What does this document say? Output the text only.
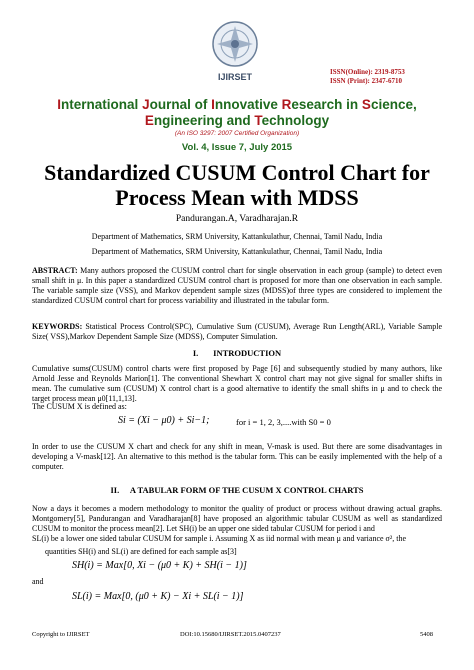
IJIRSET	ISSN(Online): 2319-8753
ISSN (Print): 2347-6710
International Journal of Innovative Research in Science,
Engineering and Technology
(An ISO 3297: 2007 Certified Organization)
Vol. 4, Issue 7, July 2015
Standardized CUSUM Control Chart for
Process Mean with MDSS
Pandurangan.A, Varadharajan.R
Department of Mathematics, SRM University, Kattankulathur, Chennai, Tamil Nadu, India
Department of Mathematics, SRM University, Kattankulathur, Chennai, Tamil Nadu, India
ABSTRACT: Many authors proposed the CUSUM control chart for single observation in each group (sample) to detect even small shift in μ. In this paper a standardized CUSUM control chart is proposed for more than one observation in each sample. The variable sample size (VSS), and Markov dependent sample sizes (MDSS)of three types are considered to implement the standardized CUSUM control chart for process variability and illustrated in the tabular form.
KEYWORDS: Statistical Process Control(SPC), Cumulative Sum (CUSUM), Average Run Length(ARL), Variable Sample Size( VSS),Markov Dependent Sample Size (MDSS), Computer Simulation.
I. INTRODUCTION
Cumulative sums(CUSUM) control charts were first proposed by Page [6] and subsequently studied by many authors, like Arnold Jesse and Reynolds Marion[1]. The conventional Shewhart X control chart may not give signal for smaller shifts in mean. The cumulative sum (CUSUM) X control chart is a good alternative to identify the small shifts in μ and to check the target process mean μ0[11,1,13].
The CUSUM X is defined as:
Si = (Xi − μ0) + Si−1;	for i = 1, 2, 3,....with S0 = 0
In order to use the CUSUM X chart and check for any shift in mean, V-mask is used. But there are some disadvantages in developing a V-mask[12]. An alternative to this method is the tabular form. This can be easily implemented with the help of a computer.
II. A TABULAR FORM OF THE CUSUM X CONTROL CHARTS
Now a days it becomes a modern methodology to monitor the quality of product or process without drawing actual graphs. Montgomery[5], Pandurangan and Varadharajan[8] have proposed an algorithmic tabular CUSUM as well as standardized CUSUM to monitor the process mean[2]. Let SH(i) be an upper one sided tabular CUSUM for period i and
SL(i) be a lower one sided tabular CUSUM for sample i. Assuming X as iid normal with mean μ and variance σ², the
quantities SH(i) and SL(i) are defined for each sample as[3]
SH(i) = Max[0, Xi − (μ0 + K) + SH(i − 1)]
and
SL(i) = Max[0, (μ0 + K) − Xi + SL(i − 1)]
Copyright to IJIRSET	DOI:10.15680/IJIRSET.2015.0407237	5408
